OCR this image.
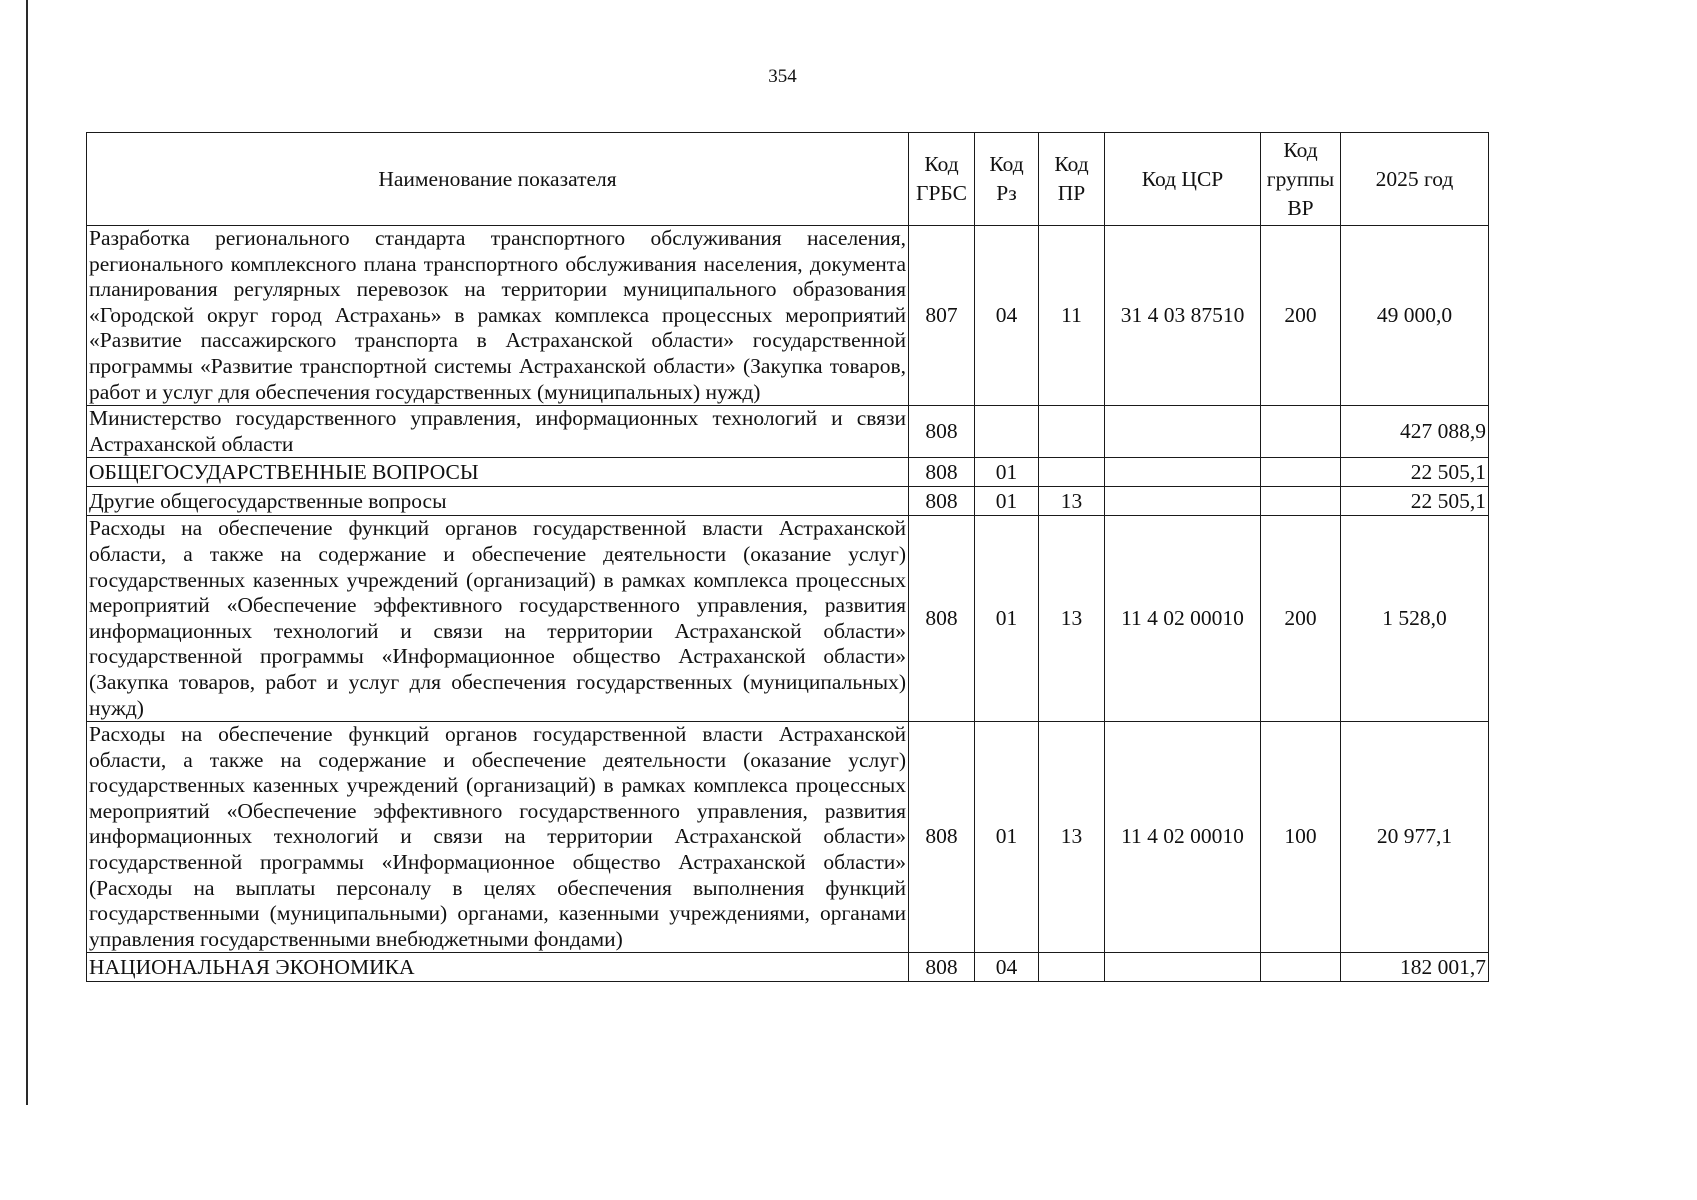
354
Наименование показателя	Код ГРБС	Код Рз	Код ПР	Код ЦСР	Код группы ВР	2025 год
Разработка регионального стандарта транспортного обслуживания населения, регионального комплексного плана транспортного обслуживания населения, документа планирования регулярных перевозок на территории муниципального образования «Городской округ город Астрахань» в рамках комплекса процессных мероприятий «Развитие пассажирского транспорта в Астраханской области» государственной программы «Развитие транспортной системы Астраханской области» (Закупка товаров, работ и услуг для обеспечения государственных (муниципальных) нужд)	807	04	11	31 4 03 87510	200	49 000,0
Министерство государственного управления, информационных технологий и связи Астраханской области	808					427 088,9
ОБЩЕГОСУДАРСТВЕННЫЕ ВОПРОСЫ	808	01				22 505,1
Другие общегосударственные вопросы	808	01	13			22 505,1
Расходы на обеспечение функций органов государственной власти Астраханской области, а также на содержание и обеспечение деятельности (оказание услуг) государственных казенных учреждений (организаций) в рамках комплекса процессных мероприятий «Обеспечение эффективного государственного управления, развития информационных технологий и связи на территории Астраханской области» государственной программы «Информационное общество Астраханской области» (Закупка товаров, работ и услуг для обеспечения государственных (муниципальных) нужд)	808	01	13	11 4 02 00010	200	1 528,0
Расходы на обеспечение функций органов государственной власти Астраханской области, а также на содержание и обеспечение деятельности (оказание услуг) государственных казенных учреждений (организаций) в рамках комплекса процессных мероприятий «Обеспечение эффективного государственного управления, развития информационных технологий и связи на территории Астраханской области» государственной программы «Информационное общество Астраханской области» (Расходы на выплаты персоналу в целях обеспечения выполнения функций государственными (муниципальными) органами, казенными учреждениями, органами управления государственными внебюджетными фондами)	808	01	13	11 4 02 00010	100	20 977,1
НАЦИОНАЛЬНАЯ ЭКОНОМИКА	808	04				182 001,7
